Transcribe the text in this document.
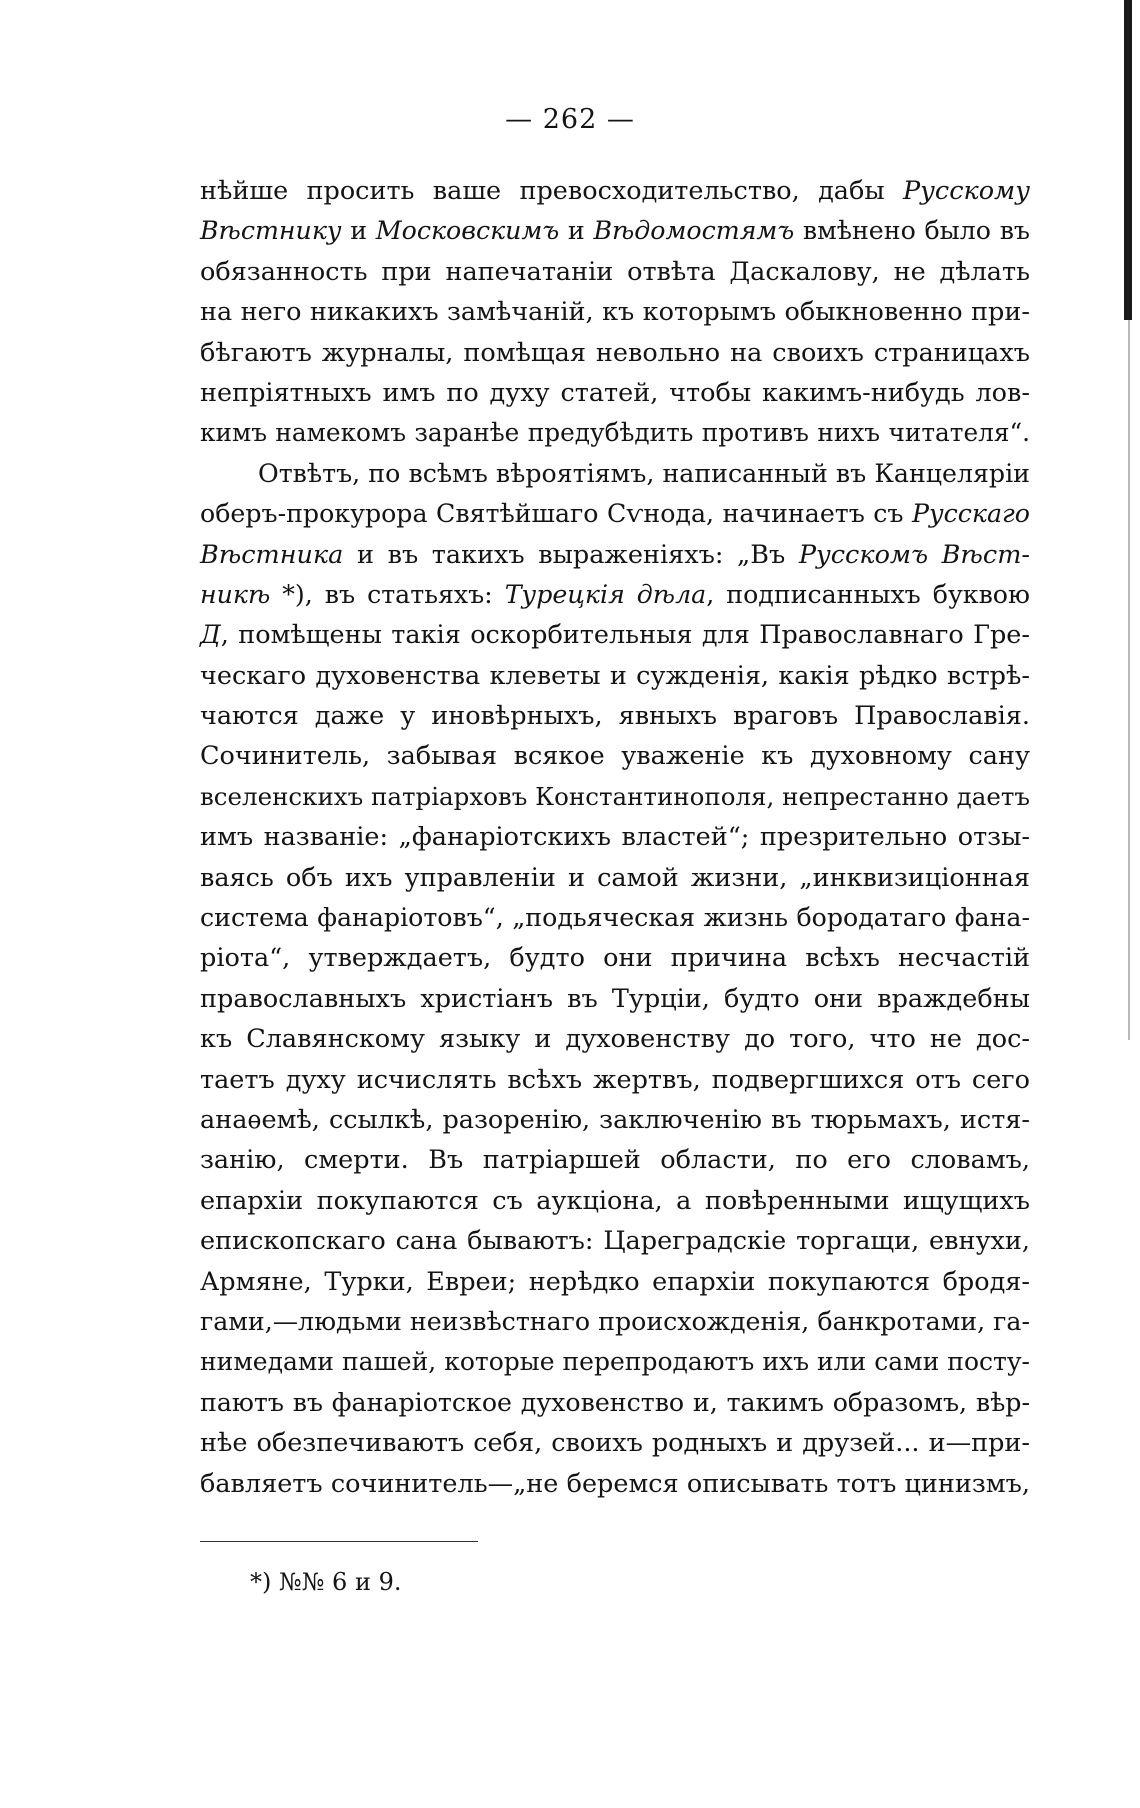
— 262 —
нѣйше просить ваше превосходительство, дабы Русскому
Вѣстнику и Московскимъ и Вѣдомостямъ вмѣнено было въ
обязанность при напечатаніи отвѣта Даскалову, не дѣлать
на него никакихъ замѣчаній, къ которымъ обыкновенно при-
бѣгаютъ журналы, помѣщая невольно на своихъ страницахъ
непріятныхъ имъ по духу статей, чтобы какимъ-нибудь лов-
кимъ намекомъ заранѣе предубѣдить противъ нихъ читателя“.
Отвѣтъ, по всѣмъ вѣроятіямъ, написанный въ Канцеляріи
оберъ-прокурора Святѣйшаго Сѵнода, начинаетъ съ Русскаго
Вѣстника и въ такихъ выраженіяхъ: „Въ Русскомъ Вѣст-
никѣ *), въ статьяхъ: Турецкія дѣла, подписанныхъ буквою
Д, помѣщены такія оскорбительныя для Православнаго Гре-
ческаго духовенства клеветы и сужденія, какія рѣдко встрѣ-
чаются даже у иновѣрныхъ, явныхъ враговъ Православія.
Сочинитель, забывая всякое уваженіе къ духовному сану
вселенскихъ патріарховъ Константинополя, непрестанно даетъ
имъ названіе: „фанаріотскихъ властей“; презрительно отзы-
ваясь объ ихъ управленіи и самой жизни, „инквизиціонная
система фанаріотовъ“, „подьяческая жизнь бородатаго фана-
ріота“, утверждаетъ, будто они причина всѣхъ несчастій
православныхъ христіанъ въ Турціи, будто они враждебны
къ Славянскому языку и духовенству до того, что не дос-
таетъ духу исчислять всѣхъ жертвъ, подвергшихся отъ сего
анаѳемѣ, ссылкѣ, разоренію, заключенію въ тюрьмахъ, истя-
занію, смерти. Въ патріаршей области, по его словамъ,
епархіи покупаются съ аукціона, а повѣренными ищущихъ
епископскаго сана бываютъ: Цареградскіе торгащи, евнухи,
Армяне, Турки, Евреи; нерѣдко епархіи покупаются бродя-
гами,—людьми неизвѣстнаго происхожденія, банкротами, га-
нимедами пашей, которые перепродаютъ ихъ или сами посту-
паютъ въ фанаріотское духовенство и, такимъ образомъ, вѣр-
нѣе обезпечиваютъ себя, своихъ родныхъ и друзей... и—при-
бавляетъ сочинитель—„не беремся описывать тотъ цинизмъ,
*) №№ 6 и 9.
